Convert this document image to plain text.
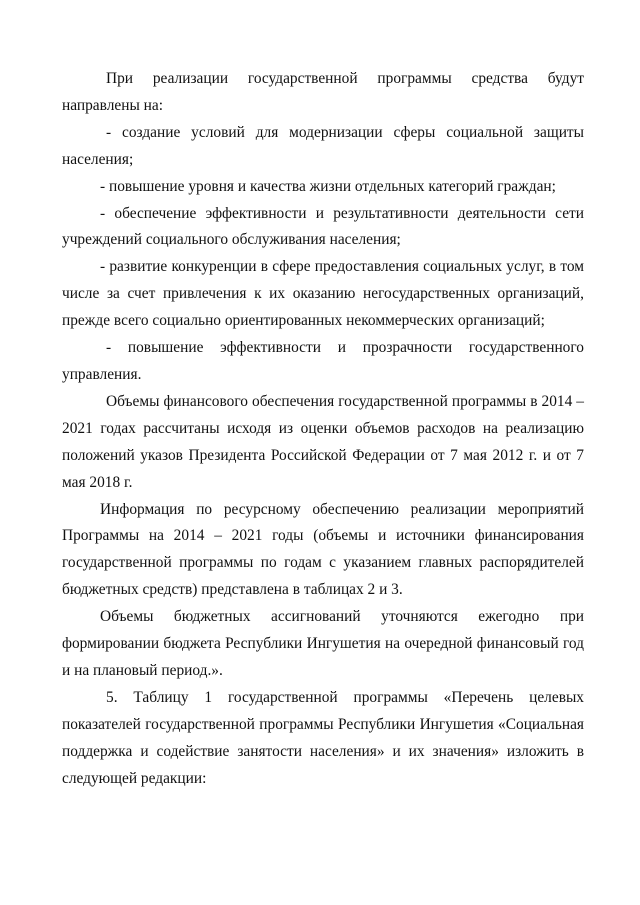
При реализации государственной программы средства будут направлены на:

- создание условий для модернизации сферы социальной защиты населения;

- повышение уровня и качества жизни отдельных категорий граждан;

- обеспечение эффективности и результативности деятельности сети учреждений социального обслуживания населения;

- развитие конкуренции в сфере предоставления социальных услуг, в том числе за счет привлечения к их оказанию негосударственных организаций, прежде всего социально ориентированных некоммерческих организаций;

- повышение эффективности и прозрачности государственного управления.

Объемы финансового обеспечения государственной программы в 2014 – 2021 годах рассчитаны исходя из оценки объемов расходов на реализацию положений указов Президента Российской Федерации от 7 мая 2012 г. и от 7 мая 2018 г.

Информация по ресурсному обеспечению реализации мероприятий Программы на 2014 – 2021 годы (объемы и источники финансирования государственной программы по годам с указанием главных распорядителей бюджетных средств) представлена в таблицах 2 и 3.

Объемы бюджетных ассигнований уточняются ежегодно при формировании бюджета Республики Ингушетия на очередной финансовый год и на плановый период.».

5. Таблицу 1 государственной программы «Перечень целевых показателей государственной программы Республики Ингушетия «Социальная поддержка и содействие занятости населения» и их значения» изложить в следующей редакции:
